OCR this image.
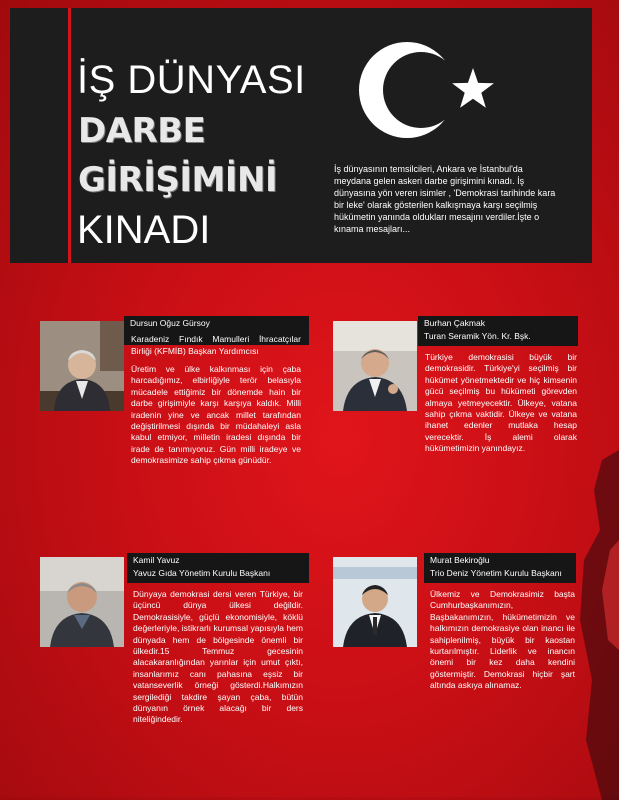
İŞ DÜNYASI
DARBE
GİRİŞİMİNİ
KINADI

İş dünyasının temsilcileri, Ankara ve İstanbul'da meydana gelen askeri darbe girişimini kınadı. İş dünyasına yön veren isimler , 'Demokrasi tarihinde kara bir leke' olarak gösterilen kalkışmaya karşı seçilmiş hükümetin yanında oldukları mesajını verdiler.İşte o kınama mesajları...

Dursun Oğuz Gürsoy
Karadeniz Fındık Mamulleri İhracatçılar Birliği (KFMİB) Başkan Yardımcısı

Üretim ve ülke kalkınması için çaba harcadığımız, elbirliğiyle terör belasıyla mücadele ettiğimiz bir dönemde hain bir darbe girişimiyle karşı karşıya kaldık. Milli iradenin yine ve ancak millet tarafından değiştirilmesi dışında bir müdahaleyi asla kabul etmiyor, milletin iradesi dışında bir irade de tanımıyoruz. Gün milli iradeye ve demokrasimize sahip çıkma günüdür.

Burhan Çakmak
Turan Seramik Yön. Kr. Bşk.

Türkiye demokrasisi büyük bir demokrasidir. Türkiye'yi seçilmiş bir hükümet yönetmektedir ve hiç kimsenin gücü seçilmiş bu hükümeti görevden almaya yetmeyecektir. Ülkeye, vatana sahip çıkma vaktidir. Ülkeye ve vatana ihanet edenler mutlaka hesap verecektir. İş alemi olarak hükümetimizin yanındayız.

Kamil Yavuz
Yavuz Gıda Yönetim Kurulu Başkanı

Dünyaya demokrasi dersi veren Türkiye, bir üçüncü dünya ülkesi değildir. Demokrasisiyle, güçlü ekonomisiyle, köklü değerleriyle, istikrarlı kurumsal yapısıyla hem dünyada hem de bölgesinde önemli bir ülkedir.15 Temmuz gecesinin alacakaranlığından yarınlar için umut çıktı, insanlarımız canı pahasına eşsiz bir vatanseverlik örneği gösterdi.Halkımızın sergilediği takdire şayan çaba, bütün dünyanın örnek alacağı bir ders niteliğindedir.

Murat Bekiroğlu
Trio Deniz Yönetim Kurulu Başkanı

Ülkemiz ve Demokrasimiz başta Cumhurbaşkanımızın, Başbakanımızın, hükümetimizin ve halkımızın demokrasiye olan inancı ile sahiplenilmiş, büyük bir kaostan kurtarılmıştır. Liderlik ve inancın önemi bir kez daha kendini göstermiştir. Demokrasi hiçbir şart altında askıya alınamaz.
